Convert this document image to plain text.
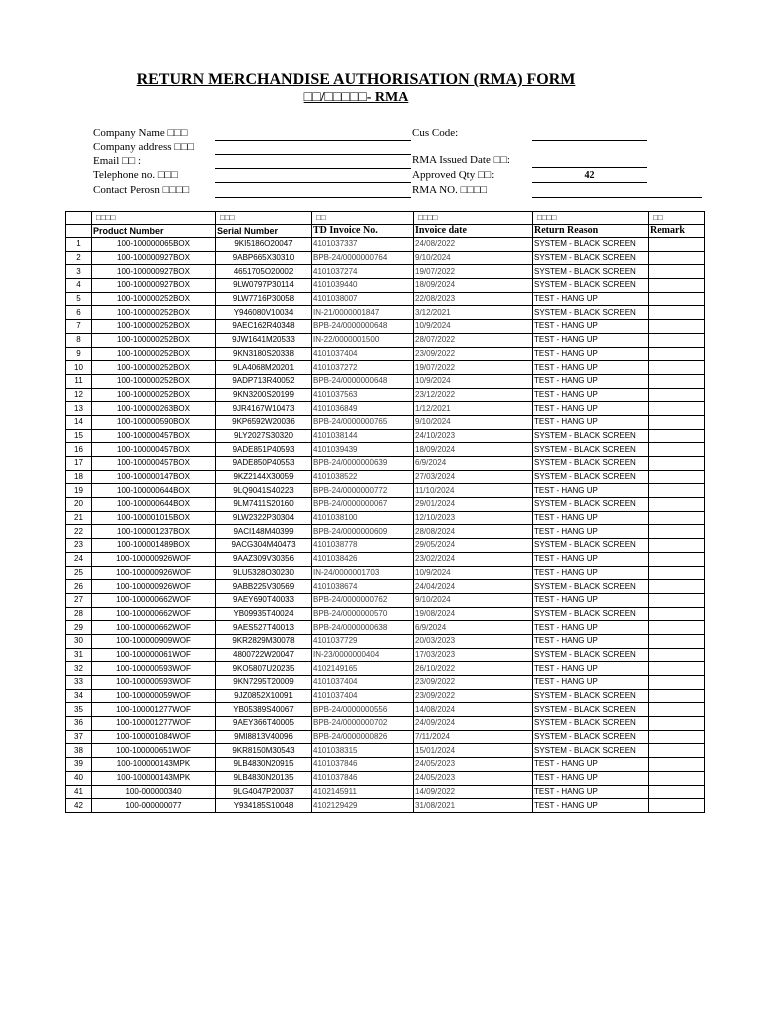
RETURN MERCHANDISE AUTHORISATION (RMA) FORM
□□/□□□□□- RMA
Company Name □□□
Company address □□□
Email □□ :
Telephone no. □□□
Contact Perosn □□□□
Cus Code:
RMA Issued Date □□:
Approved Qty □□:	42
RMA NO. □□□□
	□□□□	□□□	□□	□□□□	□□□□	□□
	Product Number	Serial Number	TD Invoice No.	Invoice date	Return Reason	Remark
1	100-100000065BOX	9KI5186O20047	4101037337	24/08/2022	SYSTEM - BLACK SCREEN	
2	100-100000927BOX	9ABP665X30310	BPB-24/0000000764	9/10/2024	SYSTEM - BLACK SCREEN	
3	100-100000927BOX	4651705O20002	4101037274	19/07/2022	SYSTEM - BLACK SCREEN	
4	100-100000927BOX	9LW0797P30114	4101039440	18/09/2024	SYSTEM - BLACK SCREEN	
5	100-100000252BOX	9LW7716P30058	4101038007	22/08/2023	TEST - HANG UP	
6	100-100000252BOX	Y946080V10034	IN-21/0000001847	3/12/2021	SYSTEM - BLACK SCREEN	
7	100-100000252BOX	9AEC162R40348	BPB-24/0000000648	10/9/2024	TEST - HANG UP	
8	100-100000252BOX	9JW1641M20533	IN-22/0000001500	28/07/2022	TEST - HANG UP	
9	100-100000252BOX	9KN3180S20338	4101037404	23/09/2022	TEST - HANG UP	
10	100-100000252BOX	9LA4068M20201	4101037272	19/07/2022	TEST - HANG UP	
11	100-100000252BOX	9ADP713R40052	BPB-24/0000000648	10/9/2024	TEST - HANG UP	
12	100-100000252BOX	9KN3200S20199	4101037563	23/12/2022	TEST - HANG UP	
13	100-100000263BOX	9JR4167W10473	4101036849	1/12/2021	TEST - HANG UP	
14	100-100000590BOX	9KP6592W20036	BPB-24/0000000765	9/10/2024	TEST - HANG UP	
15	100-100000457BOX	9LY2027S30320	4101038144	24/10/2023	SYSTEM - BLACK SCREEN	
16	100-100000457BOX	9ADE851P40593	4101039439	18/09/2024	SYSTEM - BLACK SCREEN	
17	100-100000457BOX	9ADE850P40553	BPB-24/0000000639	6/9/2024	SYSTEM - BLACK SCREEN	
18	100-100000147BOX	9KZ2144X30059	4101038522	27/03/2024	SYSTEM - BLACK SCREEN	
19	100-100000644BOX	9LQ9041S40223	BPB-24/0000000772	11/10/2024	TEST - HANG UP	
20	100-100000644BOX	9LM7411S20160	BPB-24/0000000067	29/01/2024	SYSTEM - BLACK SCREEN	
21	100-100001015BOX	9LW2322P30304	4101038100	12/10/2023	TEST - HANG UP	
22	100-100001237BOX	9ACI148M40399	BPB-24/0000000609	28/08/2024	TEST - HANG UP	
23	100-100001489BOX	9ACG304M40473	4101038778	29/05/2024	SYSTEM - BLACK SCREEN	
24	100-100000926WOF	9AAZ309V30356	4101038426	23/02/2024	TEST - HANG UP	
25	100-100000926WOF	9LU5328O30230	IN-24/0000001703	10/9/2024	TEST - HANG UP	
26	100-100000926WOF	9ABB225V30569	4101038674	24/04/2024	SYSTEM - BLACK SCREEN	
27	100-100000662WOF	9AEY690T40033	BPB-24/0000000762	9/10/2024	TEST - HANG UP	
28	100-100000662WOF	YB09935T40024	BPB-24/0000000570	19/08/2024	SYSTEM - BLACK SCREEN	
29	100-100000662WOF	9AES527T40013	BPB-24/0000000638	6/9/2024	TEST - HANG UP	
30	100-100000909WOF	9KR2829M30078	4101037729	20/03/2023	TEST - HANG UP	
31	100-100000061WOF	4800722W20047	IN-23/0000000404	17/03/2023	SYSTEM - BLACK SCREEN	
32	100-100000593WOF	9KO5807U20235	4102149165	26/10/2022	TEST - HANG UP	
33	100-100000593WOF	9KN7295T20009	4101037404	23/09/2022	TEST - HANG UP	
34	100-100000059WOF	9JZ0852X10091	4101037404	23/09/2022	SYSTEM - BLACK SCREEN	
35	100-100001277WOF	YB05389S40067	BPB-24/0000000556	14/08/2024	SYSTEM - BLACK SCREEN	
36	100-100001277WOF	9AEY366T40005	BPB-24/0000000702	24/09/2024	SYSTEM - BLACK SCREEN	
37	100-100001084WOF	9MI8813V40096	BPB-24/0000000826	7/11/2024	SYSTEM - BLACK SCREEN	
38	100-100000651WOF	9KR8150M30543	4101038315	15/01/2024	SYSTEM - BLACK SCREEN	
39	100-100000143MPK	9LB4830N20915	4101037846	24/05/2023	TEST - HANG UP	
40	100-100000143MPK	9LB4830N20135	4101037846	24/05/2023	TEST - HANG UP	
41	100-000000340	9LG4047P20037	4102145911	14/09/2022	TEST - HANG UP	
42	100-000000077	Y934185S10048	4102129429	31/08/2021	TEST - HANG UP	
